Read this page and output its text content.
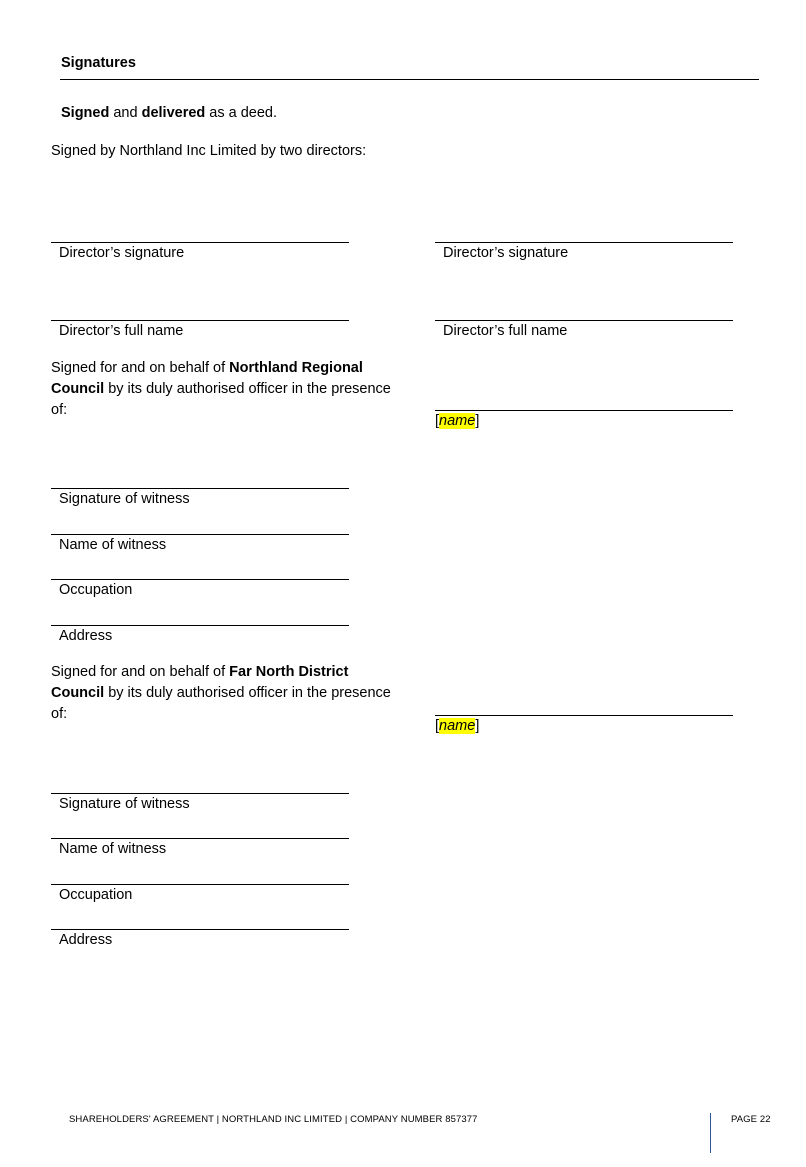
Signatures
Signed and delivered as a deed.
Signed by Northland Inc Limited by two directors:
Director’s signature	Director’s signature
Director’s full name	Director’s full name
Signed for and on behalf of Northland Regional
Council by its duly authorised officer in the presence
of:
[name]
Signature of witness
Name of witness
Occupation
Address
Signed for and on behalf of Far North District
Council by its duly authorised officer in the presence
of:
[name]
Signature of witness
Name of witness
Occupation
Address
SHAREHOLDERS' AGREEMENT | NORTHLAND INC LIMITED | COMPANY NUMBER 857377	PAGE 22
